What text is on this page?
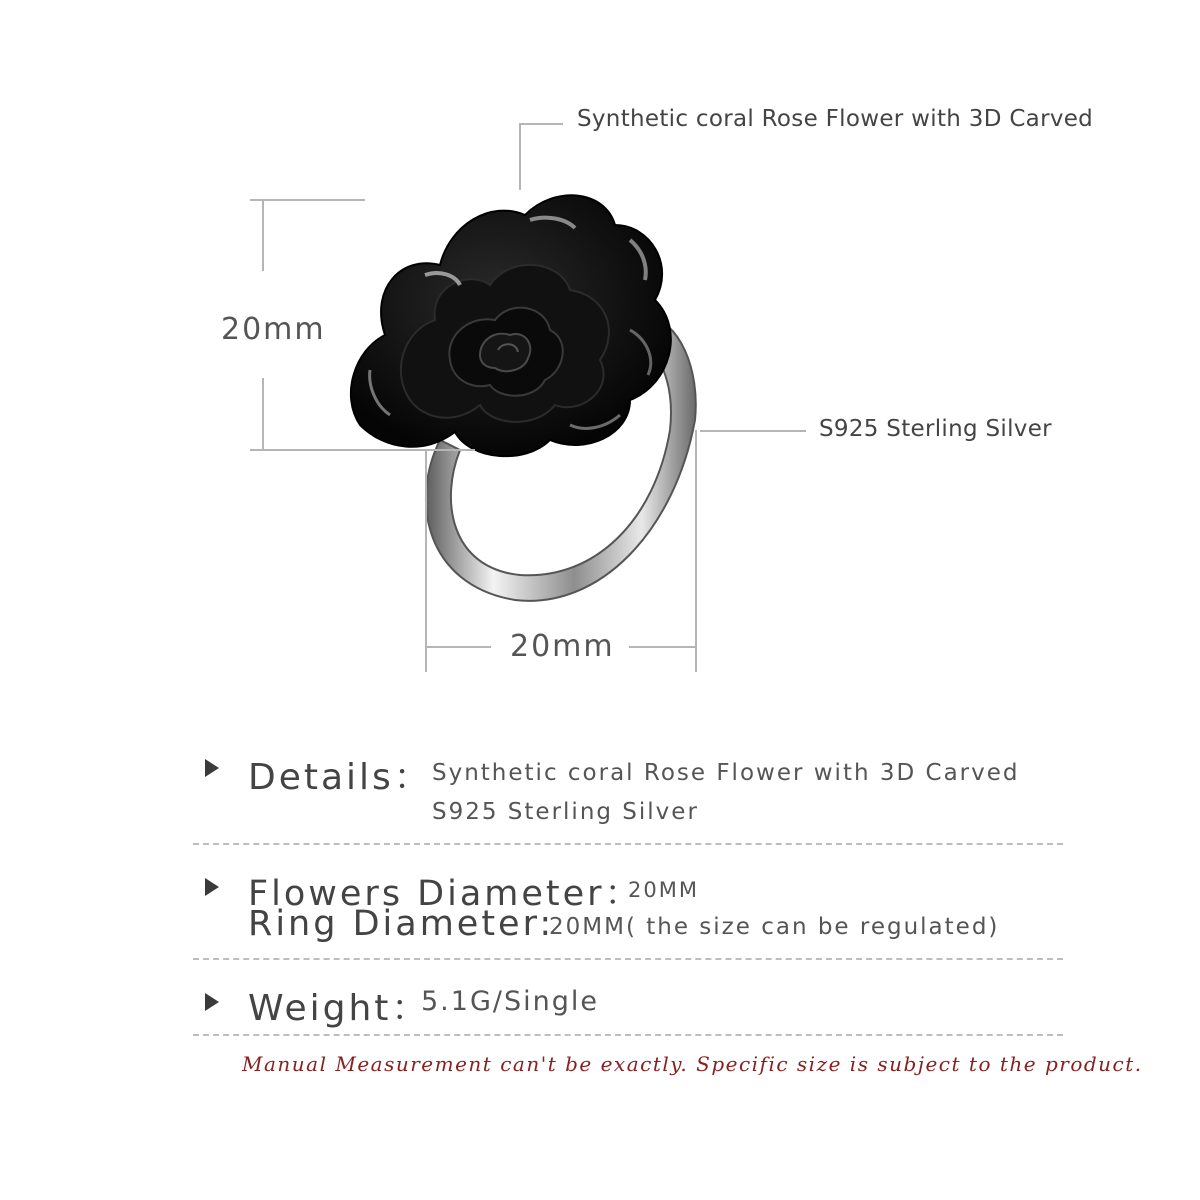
Synthetic coral Rose Flower with 3D Carved
S925 Sterling Silver
20mm
20mm
Details： Synthetic coral Rose Flower with 3D Carved
S925 Sterling Silver
Flowers Diameter：
20MM
Ring Diameter:
20MM( the size can be regulated)
Weight：
5.1G/Single
Manual Measurement can't be exactly. Specific size is subject to the product.
